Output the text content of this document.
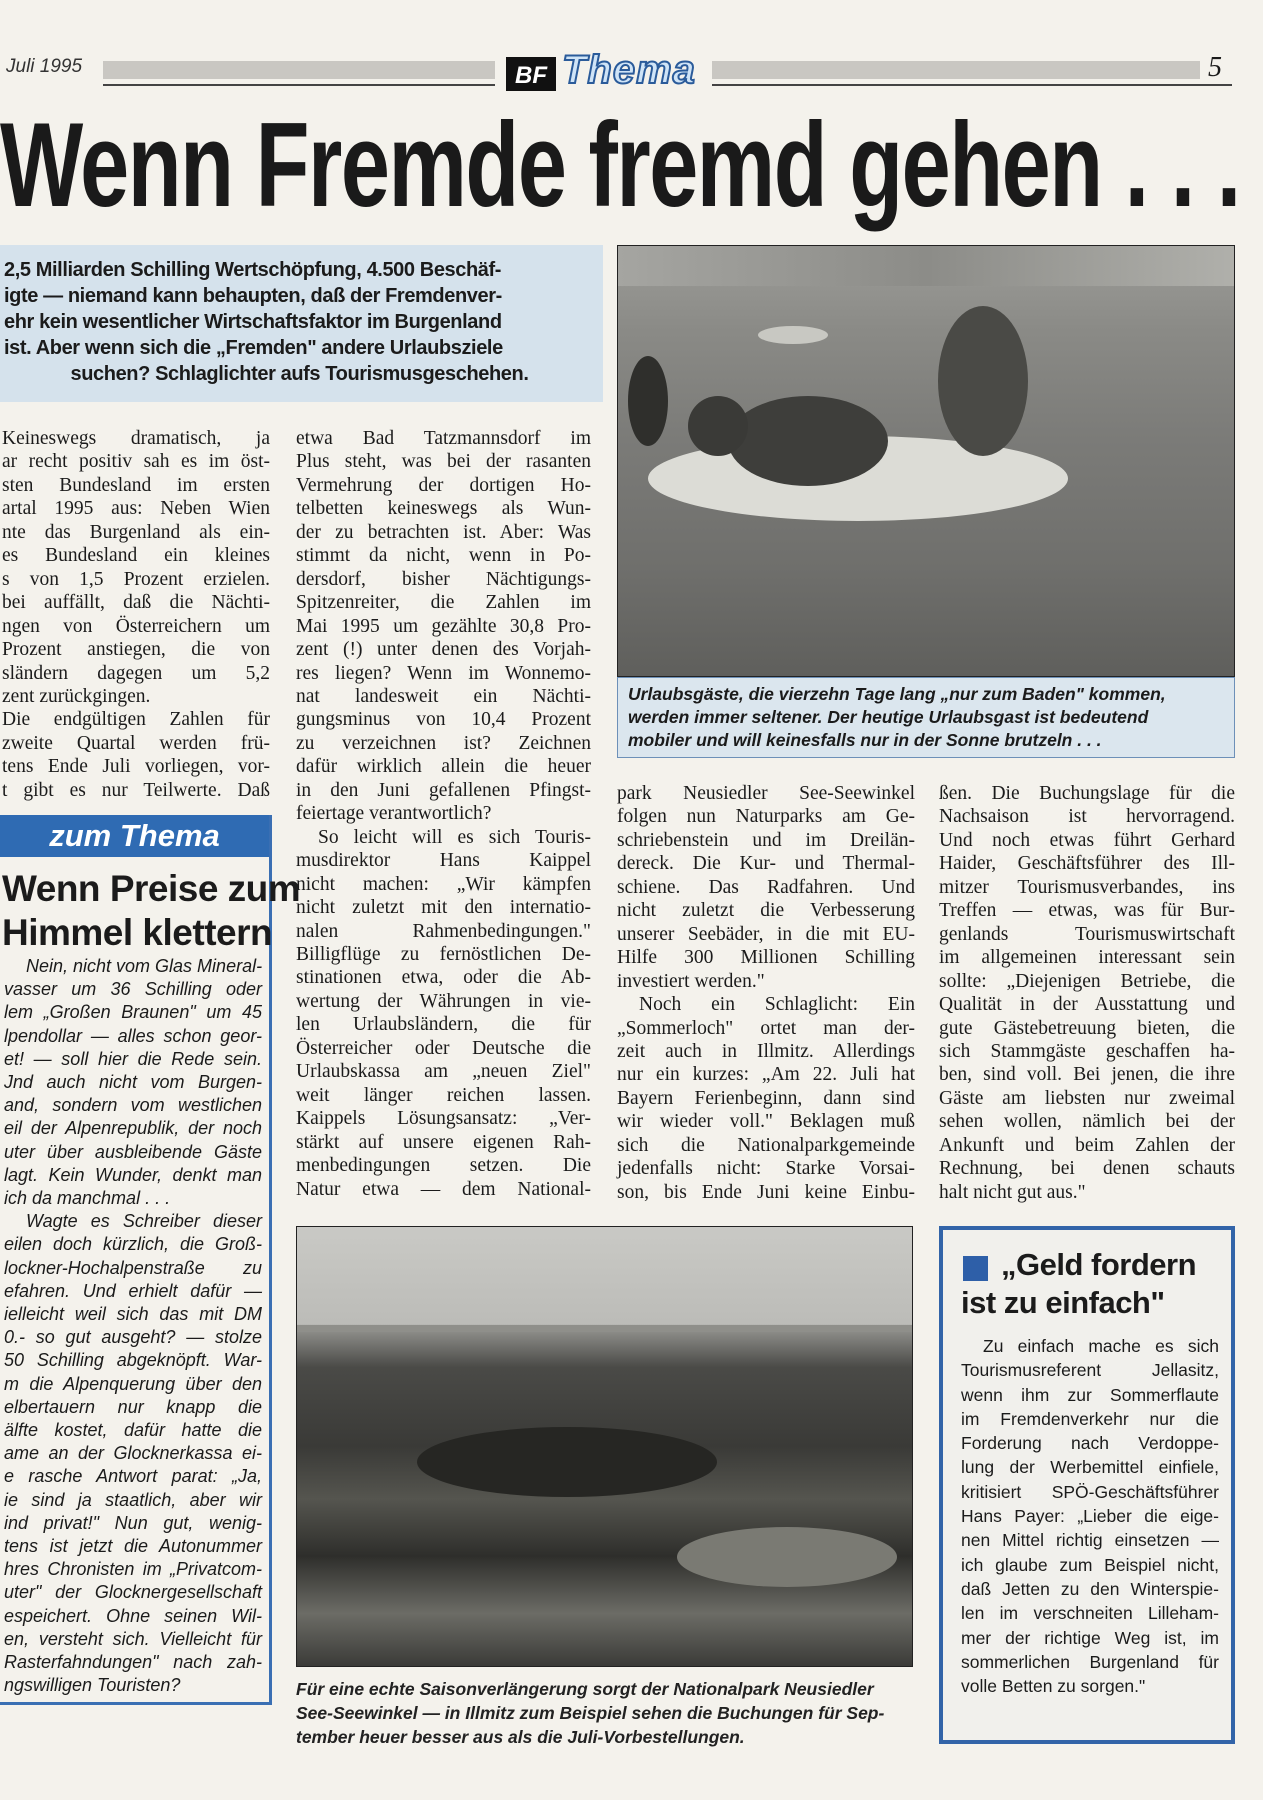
Juli 1995	BF Thema	5
Wenn Fremde fremd gehen . . .
2,5 Milliarden Schilling Wertschöpfung, 4.500 Beschäf-
igte — niemand kann behaupten, daß der Fremdenver-
ehr kein wesentlicher Wirtschaftsfaktor im Burgenland
ist. Aber wenn sich die „Fremden" andere Urlaubsziele
suchen? Schlaglichter aufs Tourismusgeschehen.
Urlaubsgäste, die vierzehn Tage lang „nur zum Baden" kommen,
werden immer seltener. Der heutige Urlaubsgast ist bedeutend
mobiler und will keinesfalls nur in der Sonne brutzeln . . .
Keineswegs dramatisch, ja
ar recht positiv sah es im öst-
sten Bundesland im ersten
artal 1995 aus: Neben Wien
nte das Burgenland als ein-
es Bundesland ein kleines
s von 1,5 Prozent erzielen.
bei auffällt, daß die Nächti-
ngen von Österreichern um
Prozent anstiegen, die von
sländern dagegen um 5,2
zent zurückgingen.
Die endgültigen Zahlen für
zweite Quartal werden frü-
tens Ende Juli vorliegen, vor-
t gibt es nur Teilwerte. Daß
etwa Bad Tatzmannsdorf im
Plus steht, was bei der rasanten
Vermehrung der dortigen Ho-
telbetten keineswegs als Wun-
der zu betrachten ist. Aber: Was
stimmt da nicht, wenn in Po-
dersdorf, bisher Nächtigungs-
Spitzenreiter, die Zahlen im
Mai 1995 um gezählte 30,8 Pro-
zent (!) unter denen des Vorjah-
res liegen? Wenn im Wonnemo-
nat landesweit ein Nächti-
gungsminus von 10,4 Prozent
zu verzeichnen ist? Zeichnen
dafür wirklich allein die heuer
in den Juni gefallenen Pfingst-
feiertage verantwortlich?
So leicht will es sich Touris-
musdirektor Hans Kaippel
nicht machen: „Wir kämpfen
nicht zuletzt mit den internatio-
nalen Rahmenbedingungen."
Billigflüge zu fernöstlichen De-
stinationen etwa, oder die Ab-
wertung der Währungen in vie-
len Urlaubsländern, die für
Österreicher oder Deutsche die
Urlaubskassa am „neuen Ziel"
weit länger reichen lassen.
Kaippels Lösungsansatz: „Ver-
stärkt auf unsere eigenen Rah-
menbedingungen setzen. Die
Natur etwa — dem National-
park Neusiedler See-Seewinkel
folgen nun Naturparks am Ge-
schriebenstein und im Dreilän-
dereck. Die Kur- und Thermal-
schiene. Das Radfahren. Und
nicht zuletzt die Verbesserung
unserer Seebäder, in die mit EU-
Hilfe 300 Millionen Schilling
investiert werden."
Noch ein Schlaglicht: Ein
„Sommerloch" ortet man der-
zeit auch in Illmitz. Allerdings
nur ein kurzes: „Am 22. Juli hat
Bayern Ferienbeginn, dann sind
wir wieder voll." Beklagen muß
sich die Nationalparkgemeinde
jedenfalls nicht: Starke Vorsai-
son, bis Ende Juni keine Einbu-
ßen. Die Buchungslage für die
Nachsaison ist hervorragend.
Und noch etwas führt Gerhard
Haider, Geschäftsführer des Ill-
mitzer Tourismusverbandes, ins
Treffen — etwas, was für Bur-
genlands Tourismuswirtschaft
im allgemeinen interessant sein
sollte: „Diejenigen Betriebe, die
Qualität in der Ausstattung und
gute Gästebetreuung bieten, die
sich Stammgäste geschaffen ha-
ben, sind voll. Bei jenen, die ihre
Gäste am liebsten nur zweimal
sehen wollen, nämlich bei der
Ankunft und beim Zahlen der
Rechnung, bei denen schauts
halt nicht gut aus."
zum Thema
Wenn Preise zum
Himmel klettern
Nein, nicht vom Glas Mineral-
vasser um 36 Schilling oder
lem „Großen Braunen" um 45
lpendollar — alles schon geor-
et! — soll hier die Rede sein.
Jnd auch nicht vom Burgen-
and, sondern vom westlichen
eil der Alpenrepublik, der noch
uter über ausbleibende Gäste
lagt. Kein Wunder, denkt man
ich da manchmal . . .
Wagte es Schreiber dieser
eilen doch kürzlich, die Groß-
lockner-Hochalpenstraße zu
efahren. Und erhielt dafür —
ielleicht weil sich das mit DM
0.- so gut ausgeht? — stolze
50 Schilling abgeknöpft. War-
m die Alpenquerung über den
elbertauern nur knapp die
älfte kostet, dafür hatte die
ame an der Glocknerkassa ei-
e rasche Antwort parat: „Ja,
ie sind ja staatlich, aber wir
ind privat!" Nun gut, wenig-
tens ist jetzt die Autonummer
hres Chronisten im „Privatcom-
uter" der Glocknergesellschaft
espeichert. Ohne seinen Wil-
en, versteht sich. Vielleicht für
Rasterfahndungen" nach zah-
ngswilligen Touristen?	Für eine echte Saisonverlängerung sorgt der Nationalpark Neusiedler
See-Seewinkel — in Illmitz zum Beispiel sehen die Buchungen für Sep-
tember heuer besser aus als die Juli-Vorbestellungen.
„Geld fordern
ist zu einfach"
Zu einfach mache es sich
Tourismusreferent Jellasitz,
wenn ihm zur Sommerflaute
im Fremdenverkehr nur die
Forderung nach Verdoppe-
lung der Werbemittel einfiele,
kritisiert SPÖ-Geschäftsführer
Hans Payer: „Lieber die eige-
nen Mittel richtig einsetzen —
ich glaube zum Beispiel nicht,
daß Jetten zu den Winterspie-
len im verschneiten Lilleham-
mer der richtige Weg ist, im
sommerlichen Burgenland für
volle Betten zu sorgen."
